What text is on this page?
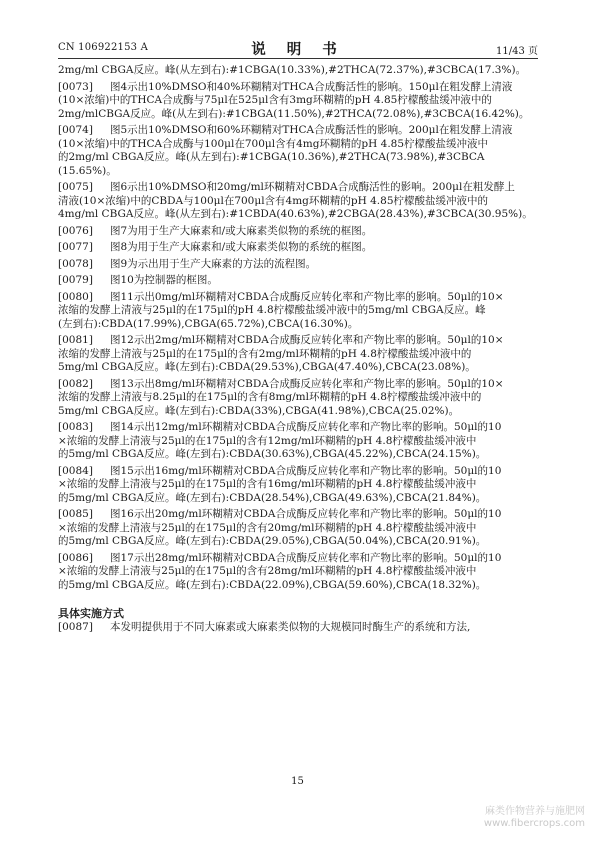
CN 106922153 A	说 明 书	11/43 页
2mg/ml CBGA反应。峰(从左到右):#1CBGA(10.33%),#2THCA(72.37%),#3CBCA(17.3%)。
[0073] 图4示出10%DMSO和40%环糊精对THCA合成酶活性的影响。150μl在粗发酵上清液
(10×浓缩)中的THCA合成酶与75μl在525μl含有3mg环糊精的pH 4.85柠檬酸盐缓冲液中的
2mg/mlCBGA反应。峰(从左到右):#1CBGA(11.50%),#2THCA(72.08%),#3CBCA(16.42%)。
[0074] 图5示出10%DMSO和60%环糊精对THCA合成酶活性的影响。200μl在粗发酵上清液
(10×浓缩)中的THCA合成酶与100μl在700μl含有4mg环糊精的pH 4.85柠檬酸盐缓冲液中
的2mg/ml CBGA反应。峰(从左到右):#1CBGA(10.36%),#2THCA(73.98%),#3CBCA
(15.65%)。
[0075] 图6示出10%DMSO和20mg/ml环糊精对CBDA合成酶活性的影响。200μl在粗发酵上
清液(10×浓缩)中的CBDA与100μl在700μl含有4mg环糊精的pH 4.85柠檬酸盐缓冲液中的
4mg/ml CBGA反应。峰(从左到右):#1CBDA(40.63%),#2CBGA(28.43%),#3CBCA(30.95%)。
[0076] 图7为用于生产大麻素和/或大麻素类似物的系统的框图。
[0077] 图8为用于生产大麻素和/或大麻素类似物的系统的框图。
[0078] 图9为示出用于生产大麻素的方法的流程图。
[0079] 图10为控制器的框图。
[0080] 图11示出0mg/ml环糊精对CBDA合成酶反应转化率和产物比率的影响。50μl的10×
浓缩的发酵上清液与25μl的在175μl的pH 4.8柠檬酸盐缓冲液中的5mg/ml CBGA反应。峰
(左到右):CBDA(17.99%),CBGA(65.72%),CBCA(16.30%)。
[0081] 图12示出2mg/ml环糊精对CBDA合成酶反应转化率和产物比率的影响。50μl的10×
浓缩的发酵上清液与25μl的在175μl的含有2mg/ml环糊精的pH 4.8柠檬酸盐缓冲液中的
5mg/ml CBGA反应。峰(左到右):CBDA(29.53%),CBGA(47.40%),CBCA(23.08%)。
[0082] 图13示出8mg/ml环糊精对CBDA合成酶反应转化率和产物比率的影响。50μl的10×
浓缩的发酵上清液与8.25μl的在175μl的含有8mg/ml环糊精的pH 4.8柠檬酸盐缓冲液中的
5mg/ml CBGA反应。峰(左到右):CBDA(33%),CBGA(41.98%),CBCA(25.02%)。
[0083] 图14示出12mg/ml环糊精对CBDA合成酶反应转化率和产物比率的影响。50μl的10
×浓缩的发酵上清液与25μl的在175μl的含有12mg/ml环糊精的pH 4.8柠檬酸盐缓冲液中
的5mg/ml CBGA反应。峰(左到右):CBDA(30.63%),CBGA(45.22%),CBCA(24.15%)。
[0084] 图15示出16mg/ml环糊精对CBDA合成酶反应转化率和产物比率的影响。50μl的10
×浓缩的发酵上清液与25μl的在175μl的含有16mg/ml环糊精的pH 4.8柠檬酸盐缓冲液中
的5mg/ml CBGA反应。峰(左到右):CBDA(28.54%),CBGA(49.63%),CBCA(21.84%)。
[0085] 图16示出20mg/ml环糊精对CBDA合成酶反应转化率和产物比率的影响。50μl的10
×浓缩的发酵上清液与25μl的在175μl的含有20mg/ml环糊精的pH 4.8柠檬酸盐缓冲液中
的5mg/ml CBGA反应。峰(左到右):CBDA(29.05%),CBGA(50.04%),CBCA(20.91%)。
[0086] 图17示出28mg/ml环糊精对CBDA合成酶反应转化率和产物比率的影响。50μl的10
×浓缩的发酵上清液与25μl的在175μl的含有28mg/ml环糊精的pH 4.8柠檬酸盐缓冲液中
的5mg/ml CBGA反应。峰(左到右):CBDA(22.09%),CBGA(59.60%),CBCA(18.32%)。
具体实施方式
[0087] 本发明提供用于不同大麻素或大麻素类似物的大规模同时酶生产的系统和方法,
15
麻类作物营养与施肥网
www.fibercrops.com
